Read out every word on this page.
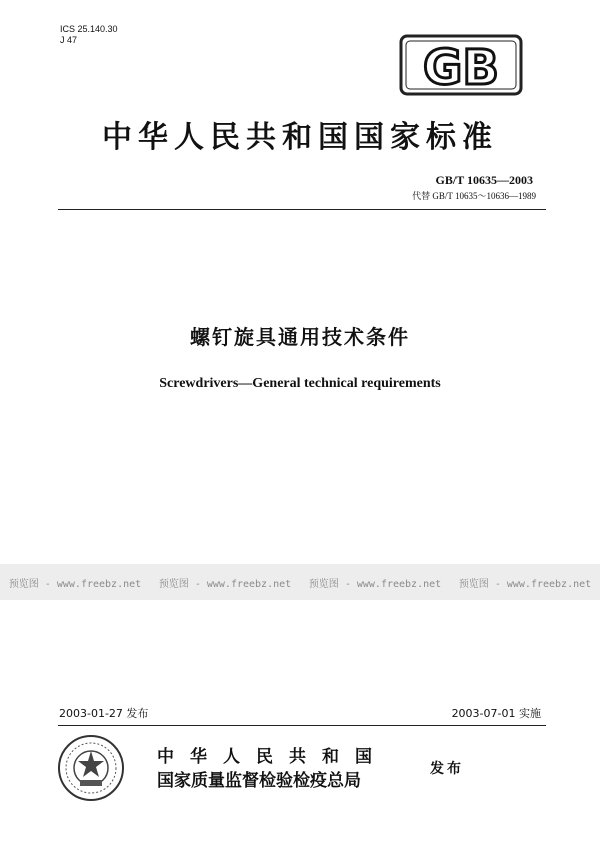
ICS 25.140.30
J 47	GB
中华人民共和国国家标准
GB/T 10635—2003
代替 GB/T 10635～10636—1989
螺钉旋具通用技术条件
Screwdrivers—General technical requirements
预览图 - www.freebz.net	预览图 - www.freebz.net	预览图 - www.freebz.net	预览图 - www.freebz.net
2003-01-27 发布	2003-07-01 实施
中华人民共和国
国家质量监督检验检疫总局
发布
